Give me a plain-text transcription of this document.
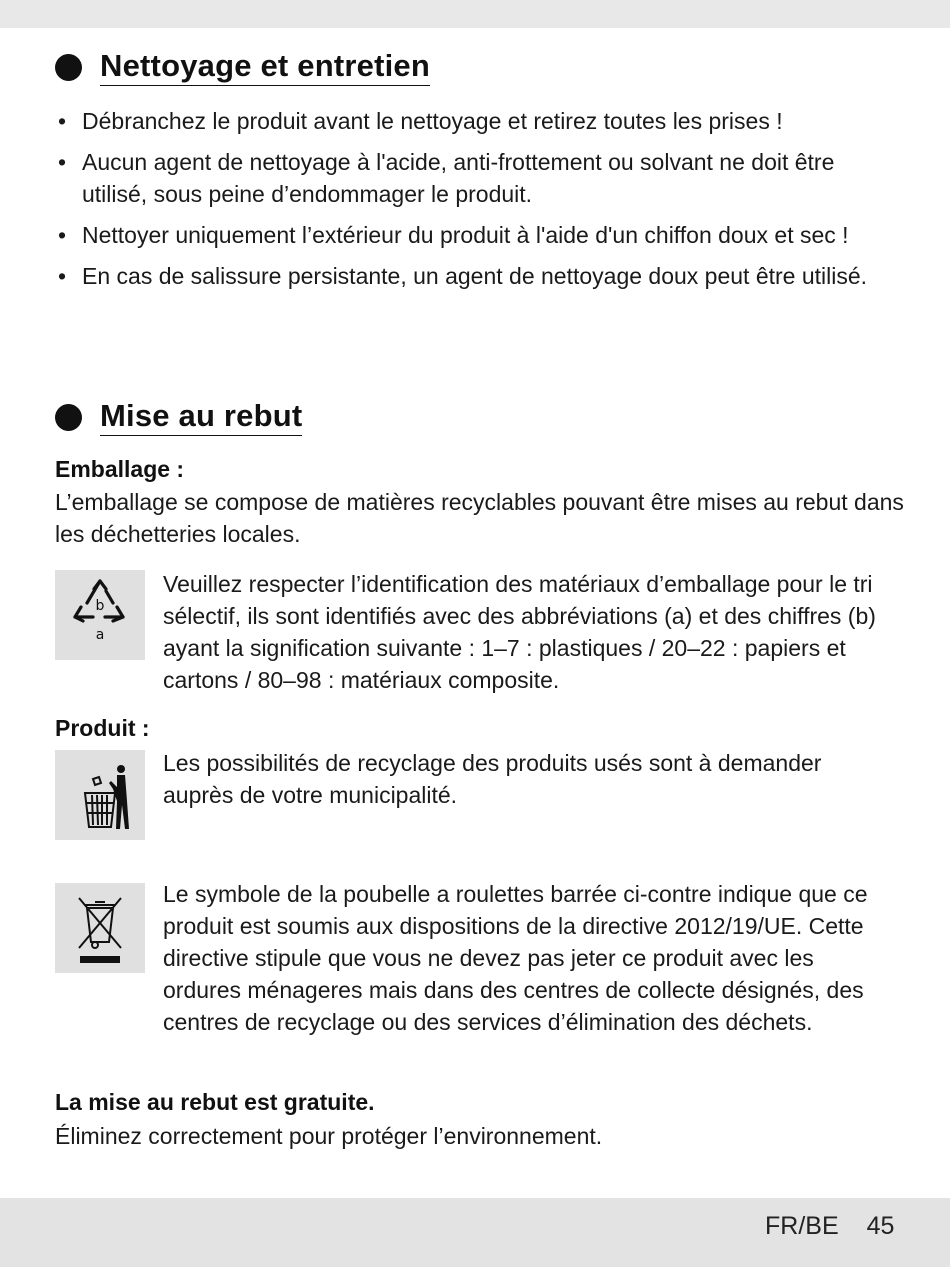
Nettoyage et entretien
• Débranchez le produit avant le nettoyage et retirez toutes les prises !
• Aucun agent de nettoyage à l'acide, anti-frottement ou solvant ne doit être utilisé, sous peine d’endommager le produit.
• Nettoyer uniquement l’extérieur du produit à l'aide d'un chiffon doux et sec !
• En cas de salissure persistante, un agent de nettoyage doux peut être utilisé.
Mise au rebut
Emballage :

L’emballage se compose de matières recyclables pouvant être mises au rebut dans les déchetteries locales.

b
a

Veuillez respecter l’identification des matériaux d’emballage pour le tri sélectif, ils sont identifiés avec des abbréviations (a) et des chiffres (b) ayant la signification suivante : 1–7 : plastiques / 20–22 : papiers et cartons / 80–98 : matériaux composite.

Produit :

Les possibilités de recyclage des produits usés sont à demander auprès de votre municipalité.

Le symbole de la poubelle a roulettes barrée ci-contre indique que ce produit est soumis aux dispositions de la directive 2012/19/UE. Cette directive stipule que vous ne devez pas jeter ce produit avec les ordures ménageres mais dans des centres de collecte désignés, des centres de recyclage ou des services d’élimination des déchets.

La mise au rebut est gratuite.

Éliminez correctement pour protéger l’environnement.

FR/BE 45
